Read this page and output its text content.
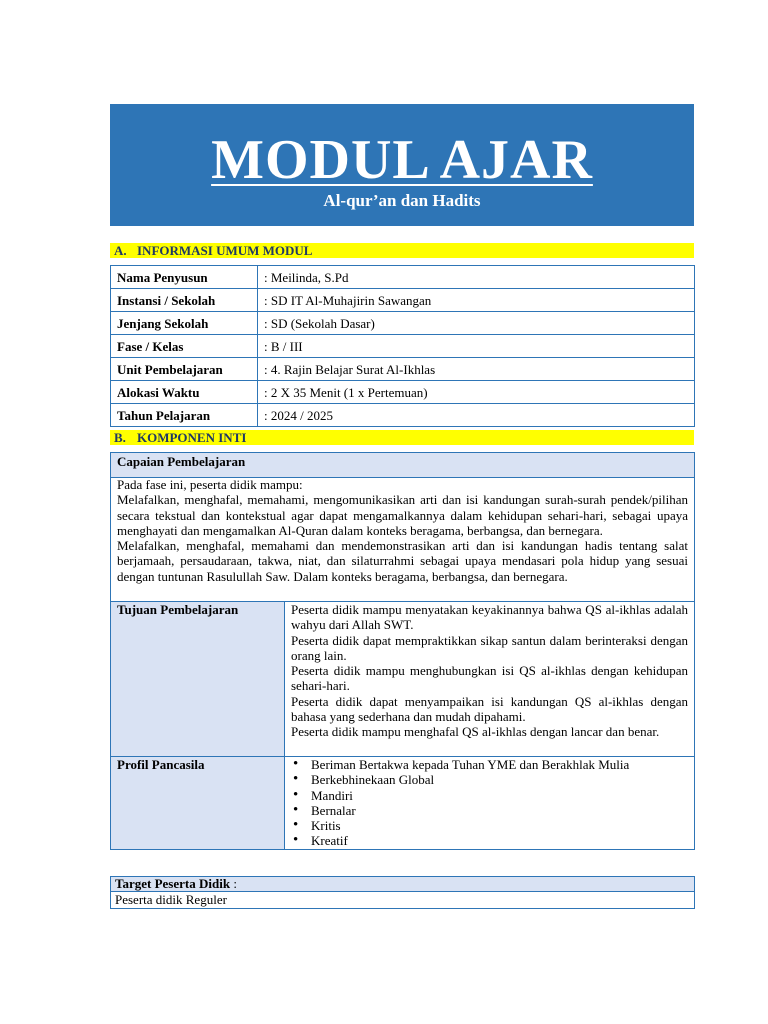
MODUL AJAR
Al-qur’an dan Hadits
A. INFORMASI UMUM MODUL
Nama Penyusun	: Meilinda, S.Pd
Instansi / Sekolah	: SD IT Al-Muhajirin Sawangan
Jenjang Sekolah	: SD (Sekolah Dasar)
Fase / Kelas	: B / III
Unit Pembelajaran	: 4. Rajin Belajar Surat Al-Ikhlas
Alokasi Waktu	: 2 X 35 Menit (1 x Pertemuan)
Tahun Pelajaran	: 2024 / 2025
B. KOMPONEN INTI
Capaian Pembelajaran

Pada fase ini, peserta didik mampu:

Melafalkan, menghafal, memahami, mengomunikasikan arti dan isi kandungan surah-surah pendek/pilihan secara tekstual dan kontekstual agar dapat mengamalkannya dalam kehidupan sehari-hari, sebagai upaya menghayati dan mengamalkan Al-Quran dalam konteks beragama, berbangsa, dan bernegara.

Melafalkan, menghafal, memahami dan mendemonstrasikan arti dan isi kandungan hadis tentang salat berjamaah, persaudaraan, takwa, niat, dan silaturrahmi sebagai upaya mendasari pola hidup yang sesuai dengan tuntunan Rasulullah Saw. Dalam konteks beragama, berbangsa, dan bernegara.

Tujuan Pembelajaran	Peserta didik mampu menyatakan keyakinannya bahwa QS al-ikhlas adalah wahyu dari Allah SWT.

Peserta didik dapat mempraktikkan sikap santun dalam berinteraksi dengan orang lain.

Peserta didik mampu menghubungkan isi QS al-ikhlas dengan kehidupan sehari-hari.

Peserta didik dapat menyampaikan isi kandungan QS al-ikhlas dengan bahasa yang sederhana dan mudah dipahami.

Peserta didik mampu menghafal QS al-ikhlas dengan lancar dan benar.

Profil Pancasila	• Beriman Bertakwa kepada Tuhan YME dan Berakhlak Mulia
• Berkebhinekaan Global
• Mandiri
• Bernalar
• Kritis
• Kreatif
Target Peserta Didik :
Peserta didik Reguler
